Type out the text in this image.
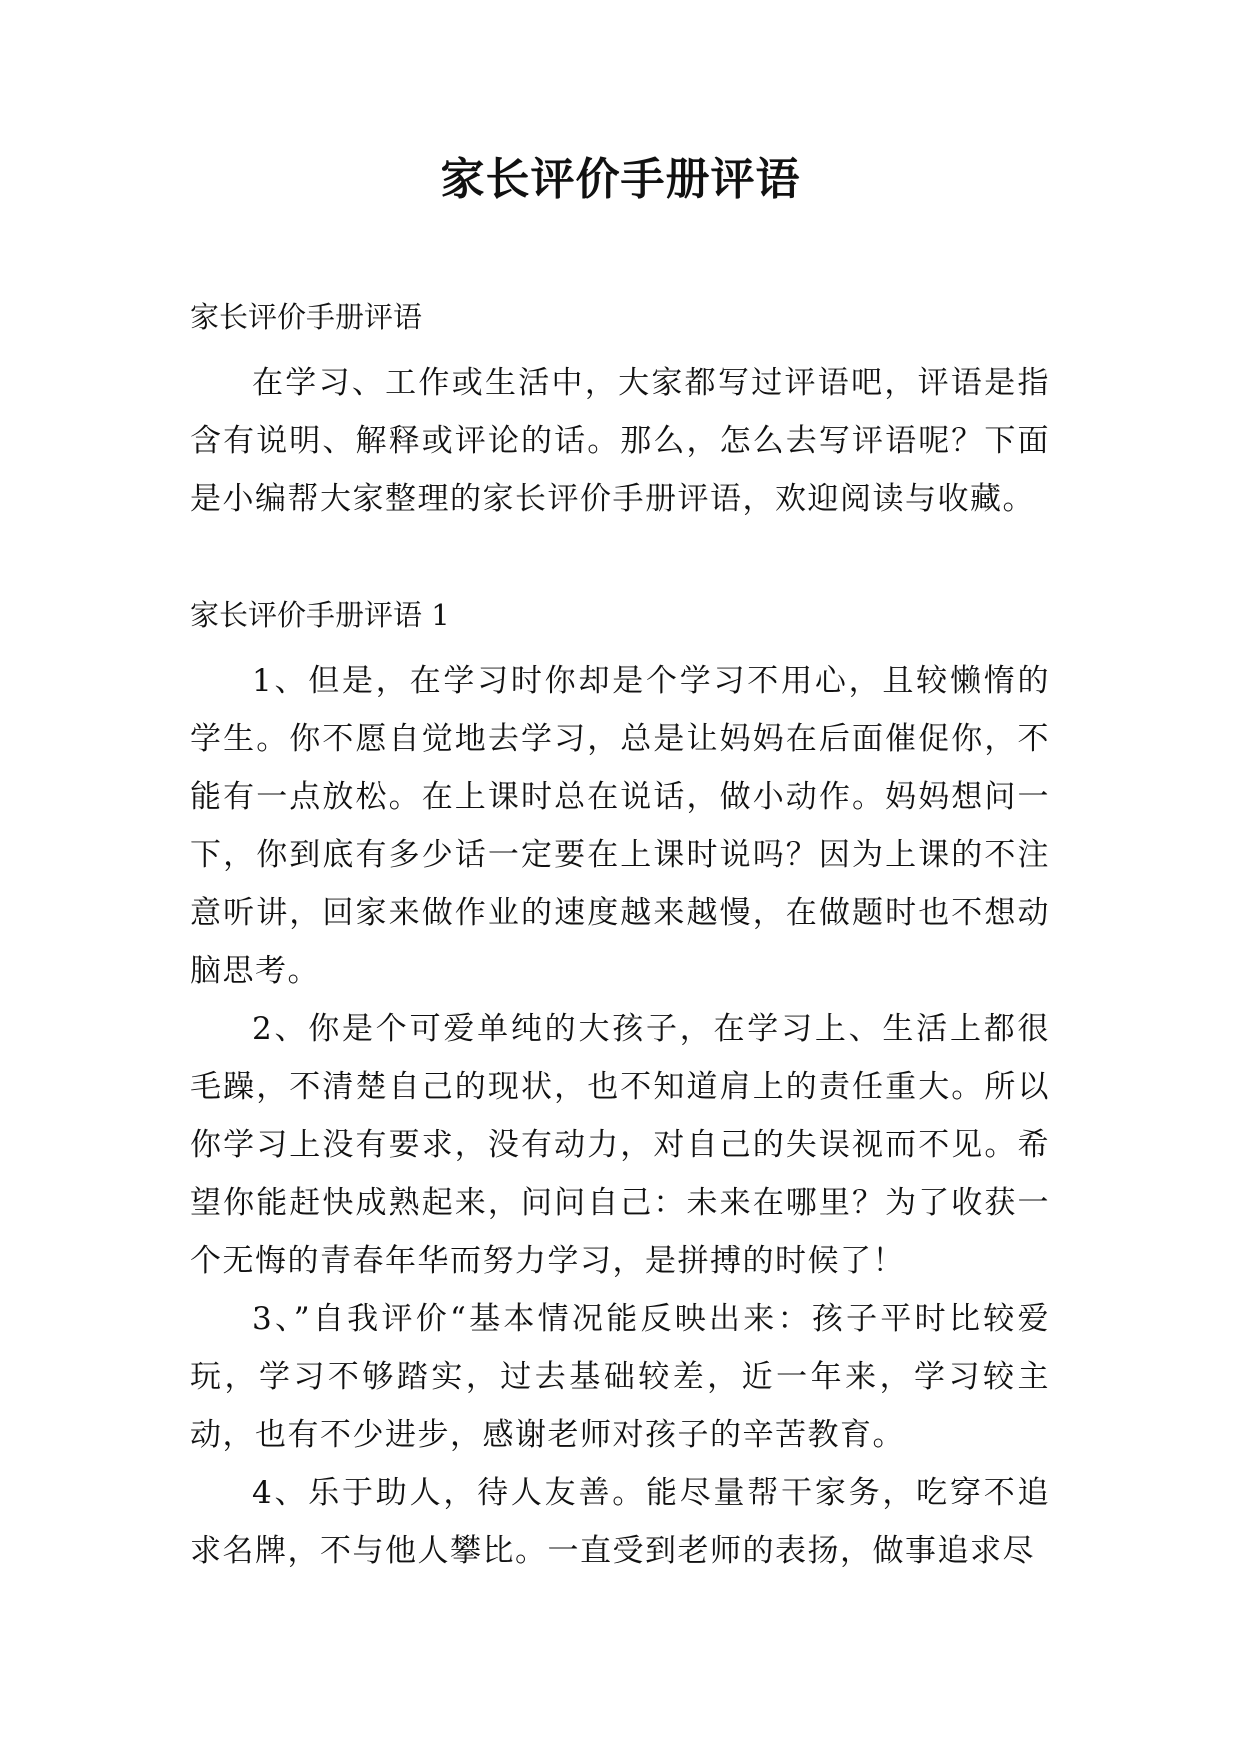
家长评价手册评语

家长评价手册评语

在学习、工作或生活中，大家都写过评语吧，评语是指含有说明、解释或评论的话。那么，怎么去写评语呢？下面是小编帮大家整理的家长评价手册评语，欢迎阅读与收藏。

家长评价手册评语 1

1、但是，在学习时你却是个学习不用心，且较懒惰的学生。你不愿自觉地去学习，总是让妈妈在后面催促你，不能有一点放松。在上课时总在说话，做小动作。妈妈想问一下，你到底有多少话一定要在上课时说吗？因为上课的不注意听讲，回家来做作业的速度越来越慢，在做题时也不想动脑思考。

2、你是个可爱单纯的大孩子，在学习上、生活上都很毛躁，不清楚自己的现状，也不知道肩上的责任重大。所以你学习上没有要求，没有动力，对自己的失误视而不见。希望你能赶快成熟起来，问问自己：未来在哪里？为了收获一个无悔的青春年华而努力学习，是拼搏的时候了！

3、”自我评价“基本情况能反映出来：孩子平时比较爱玩，学习不够踏实，过去基础较差，近一年来，学习较主动，也有不少进步，感谢老师对孩子的辛苦教育。

4、乐于助人，待人友善。能尽量帮干家务，吃穿不追求名牌，不与他人攀比。一直受到老师的表扬，做事追求尽
